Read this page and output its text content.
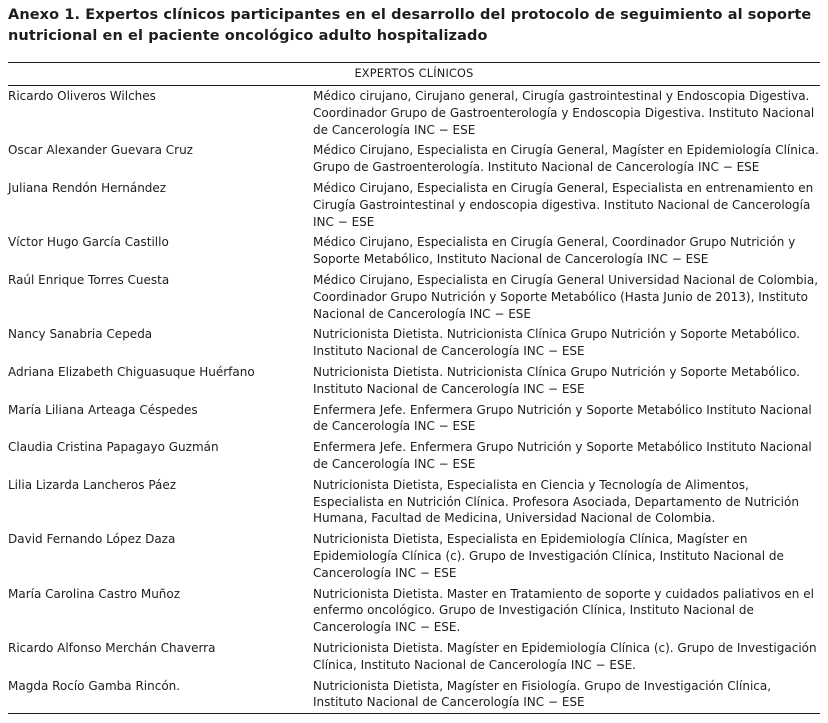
Anexo 1. Expertos clínicos participantes en el desarrollo del protocolo de seguimiento al soporte nutricional en el paciente oncológico adulto hospitalizado
EXPERTOS CLÍNICOS
Ricardo Oliveros Wilches	Médico cirujano, Cirujano general, Cirugía gastrointestinal y Endoscopia Digestiva. Coordinador Grupo de Gastroenterología y Endoscopia Digestiva. Instituto Nacional de Cancerología INC − ESE
Oscar Alexander Guevara Cruz	Médico Cirujano, Especialista en Cirugía General, Magíster en Epidemiología Clínica. Grupo de Gastroenterología. Instituto Nacional de Cancerología INC − ESE
Juliana Rendón Hernández	Médico Cirujano, Especialista en Cirugía General, Especialista en entrenamiento en Cirugía Gastrointestinal y endoscopia digestiva. Instituto Nacional de Cancerología INC − ESE
Víctor Hugo García Castillo	Médico Cirujano, Especialista en Cirugía General, Coordinador Grupo Nutrición y Soporte Metabólico, Instituto Nacional de Cancerología INC − ESE
Raúl Enrique Torres Cuesta	Médico Cirujano, Especialista en Cirugía General Universidad Nacional de Colombia, Coordinador Grupo Nutrición y Soporte Metabólico (Hasta Junio de 2013), Instituto Nacional de Cancerología INC − ESE
Nancy Sanabria Cepeda	Nutricionista Dietista. Nutricionista Clínica Grupo Nutrición y Soporte Metabólico. Instituto Nacional de Cancerología INC − ESE
Adriana Elizabeth Chiguasuque Huérfano	Nutricionista Dietista. Nutricionista Clínica Grupo Nutrición y Soporte Metabólico. Instituto Nacional de Cancerología INC − ESE
María Liliana Arteaga Céspedes	Enfermera Jefe. Enfermera Grupo Nutrición y Soporte Metabólico Instituto Nacional de Cancerología INC − ESE
Claudia Cristina Papagayo Guzmán	Enfermera Jefe. Enfermera Grupo Nutrición y Soporte Metabólico Instituto Nacional de Cancerología INC − ESE
Lilia Lizarda Lancheros Páez	Nutricionista Dietista, Especialista en Ciencia y Tecnología de Alimentos, Especialista en Nutrición Clínica. Profesora Asociada, Departamento de Nutrición Humana, Facultad de Medicina, Universidad Nacional de Colombia.
David Fernando López Daza	Nutricionista Dietista, Especialista en Epidemiología Clínica, Magíster en Epidemiología Clínica (c). Grupo de Investigación Clínica, Instituto Nacional de Cancerología INC − ESE
María Carolina Castro Muñoz	Nutricionista Dietista. Master en Tratamiento de soporte y cuidados paliativos en el enfermo oncológico. Grupo de Investigación Clínica, Instituto Nacional de Cancerología INC − ESE.
Ricardo Alfonso Merchán Chaverra	Nutricionista Dietista. Magíster en Epidemiología Clínica (c). Grupo de Investigación Clínica, Instituto Nacional de Cancerología INC − ESE.
Magda Rocío Gamba Rincón.	Nutricionista Dietista, Magíster en Fisiología. Grupo de Investigación Clínica, Instituto Nacional de Cancerología INC − ESE
